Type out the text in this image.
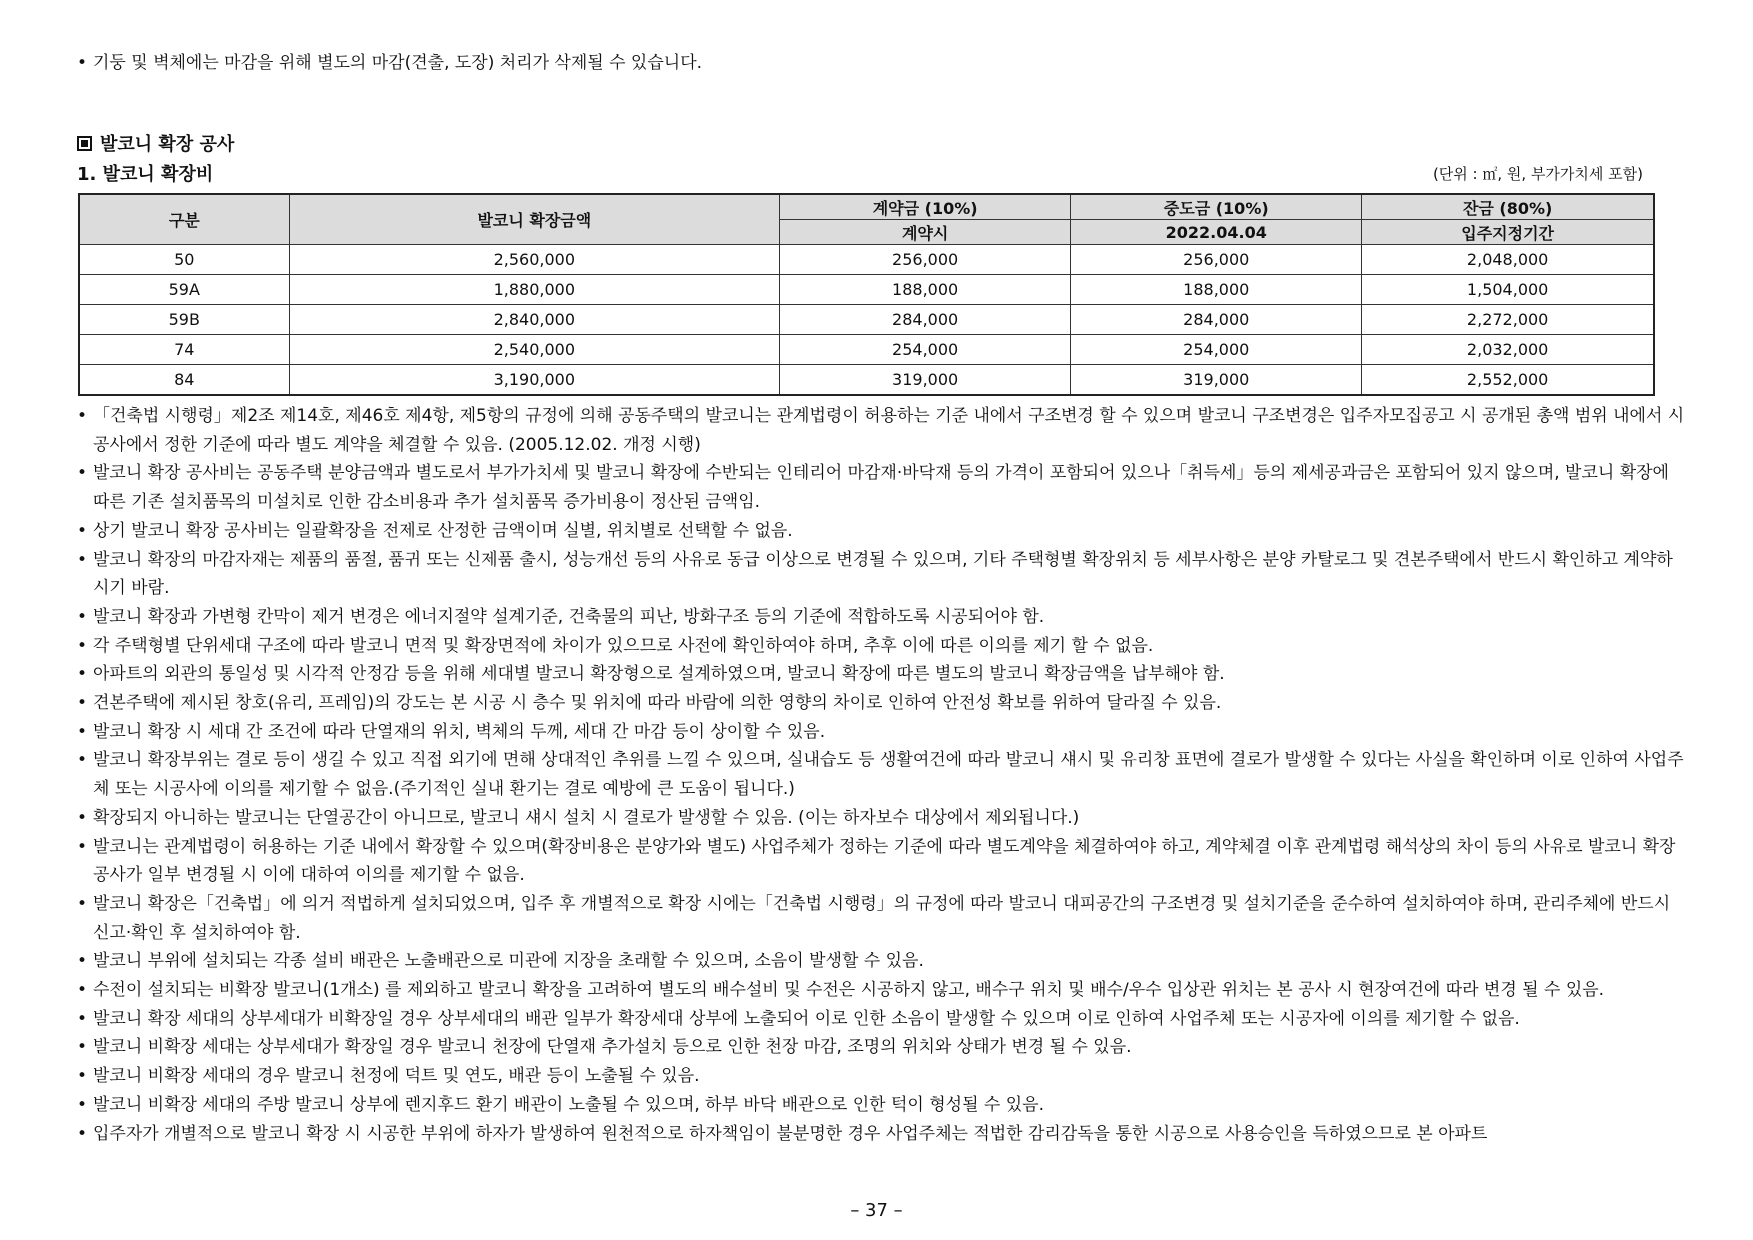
• 기둥 및 벽체에는 마감을 위해 별도의 마감(견출, 도장) 처리가 삭제될 수 있습니다.
발코니 확장 공사
1. 발코니 확장비	(단위 : ㎡, 원, 부가가치세 포함)
구분	발코니 확장금액	계약금 (10%)	중도금 (10%)	잔금 (80%)
		계약시	2022.04.04	입주지정기간
50	2,560,000	256,000	256,000	2,048,000
59A	1,880,000	188,000	188,000	1,504,000
59B	2,840,000	284,000	284,000	2,272,000
74	2,540,000	254,000	254,000	2,032,000
84	3,190,000	319,000	319,000	2,552,000
• 「건축법 시행령」제2조 제14호, 제46호 제4항, 제5항의 규정에 의해 공동주택의 발코니는 관계법령이 허용하는 기준 내에서 구조변경 할 수 있으며 발코니 구조변경은 입주자모집공고 시 공개된 총액 범위 내에서 시공사에서 정한 기준에 따라 별도 계약을 체결할 수 있음. (2005.12.02. 개정 시행)
• 발코니 확장 공사비는 공동주택 분양금액과 별도로서 부가가치세 및 발코니 확장에 수반되는 인테리어 마감재·바닥재 등의 가격이 포함되어 있으나「취득세」등의 제세공과금은 포함되어 있지 않으며, 발코니 확장에 따른 기존 설치품목의 미설치로 인한 감소비용과 추가 설치품목 증가비용이 정산된 금액임.
• 상기 발코니 확장 공사비는 일괄확장을 전제로 산정한 금액이며 실별, 위치별로 선택할 수 없음.
• 발코니 확장의 마감자재는 제품의 품절, 품귀 또는 신제품 출시, 성능개선 등의 사유로 동급 이상으로 변경될 수 있으며, 기타 주택형별 확장위치 등 세부사항은 분양 카탈로그 및 견본주택에서 반드시 확인하고 계약하시기 바람.
• 발코니 확장과 가변형 칸막이 제거 변경은 에너지절약 설계기준, 건축물의 피난, 방화구조 등의 기준에 적합하도록 시공되어야 함.
• 각 주택형별 단위세대 구조에 따라 발코니 면적 및 확장면적에 차이가 있으므로 사전에 확인하여야 하며, 추후 이에 따른 이의를 제기 할 수 없음.
• 아파트의 외관의 통일성 및 시각적 안정감 등을 위해 세대별 발코니 확장형으로 설계하였으며, 발코니 확장에 따른 별도의 발코니 확장금액을 납부해야 함.
• 견본주택에 제시된 창호(유리, 프레임)의 강도는 본 시공 시 층수 및 위치에 따라 바람에 의한 영향의 차이로 인하여 안전성 확보를 위하여 달라질 수 있음.
• 발코니 확장 시 세대 간 조건에 따라 단열재의 위치, 벽체의 두께, 세대 간 마감 등이 상이할 수 있음.
• 발코니 확장부위는 결로 등이 생길 수 있고 직접 외기에 면해 상대적인 추위를 느낄 수 있으며, 실내습도 등 생활여건에 따라 발코니 섀시 및 유리창 표면에 결로가 발생할 수 있다는 사실을 확인하며 이로 인하여 사업주체 또는 시공사에 이의를 제기할 수 없음.(주기적인 실내 환기는 결로 예방에 큰 도움이 됩니다.)
• 확장되지 아니하는 발코니는 단열공간이 아니므로, 발코니 섀시 설치 시 결로가 발생할 수 있음. (이는 하자보수 대상에서 제외됩니다.)
• 발코니는 관계법령이 허용하는 기준 내에서 확장할 수 있으며(확장비용은 분양가와 별도) 사업주체가 정하는 기준에 따라 별도계약을 체결하여야 하고, 계약체결 이후 관계법령 해석상의 차이 등의 사유로 발코니 확장 공사가 일부 변경될 시 이에 대하여 이의를 제기할 수 없음.
• 발코니 확장은「건축법」에 의거 적법하게 설치되었으며, 입주 후 개별적으로 확장 시에는「건축법 시행령」의 규정에 따라 발코니 대피공간의 구조변경 및 설치기준을 준수하여 설치하여야 하며, 관리주체에 반드시 신고·확인 후 설치하여야 함.
• 발코니 부위에 설치되는 각종 설비 배관은 노출배관으로 미관에 지장을 초래할 수 있으며, 소음이 발생할 수 있음.
• 수전이 설치되는 비확장 발코니(1개소) 를 제외하고 발코니 확장을 고려하여 별도의 배수설비 및 수전은 시공하지 않고, 배수구 위치 및 배수/우수 입상관 위치는 본 공사 시 현장여건에 따라 변경 될 수 있음.
• 발코니 확장 세대의 상부세대가 비확장일 경우 상부세대의 배관 일부가 확장세대 상부에 노출되어 이로 인한 소음이 발생할 수 있으며 이로 인하여 사업주체 또는 시공자에 이의를 제기할 수 없음.
• 발코니 비확장 세대는 상부세대가 확장일 경우 발코니 천장에 단열재 추가설치 등으로 인한 천장 마감, 조명의 위치와 상태가 변경 될 수 있음.
• 발코니 비확장 세대의 경우 발코니 천정에 덕트 및 연도, 배관 등이 노출될 수 있음.
• 발코니 비확장 세대의 주방 발코니 상부에 렌지후드 환기 배관이 노출될 수 있으며, 하부 바닥 배관으로 인한 턱이 형성될 수 있음.
• 입주자가 개별적으로 발코니 확장 시 시공한 부위에 하자가 발생하여 원천적으로 하자책임이 불분명한 경우 사업주체는 적법한 감리감독을 통한 시공으로 사용승인을 득하였으므로 본 아파트
– 37 –
